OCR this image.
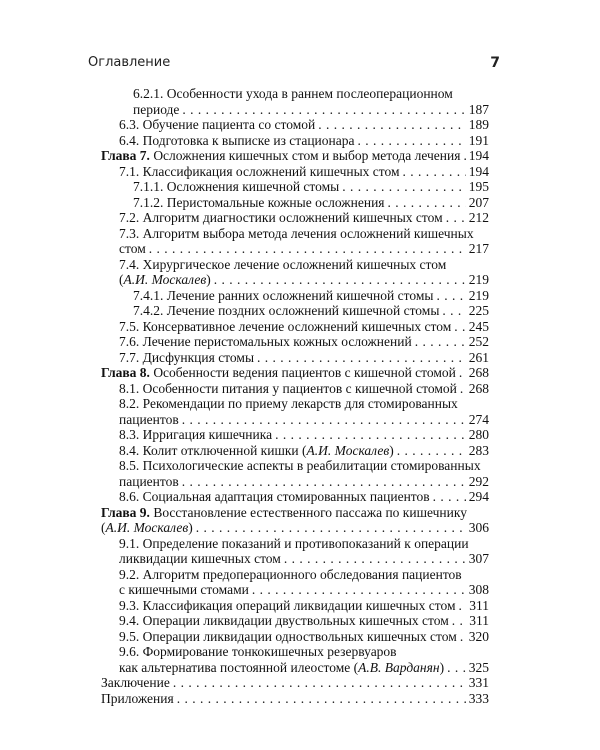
Оглавление	7
6.2.1. Особенности ухода в раннем послеоперационном
периоде . . .	187
6.3. Обучение пациента со стомой . . .	189
6.4. Подготовка к выписке из стационара . . .	191
Глава 7. Осложнения кишечных стом и выбор метода лечения . . . 194
7.1. Классификация осложнений кишечных стом . . .	194
7.1.1. Осложнения кишечной стомы . . .	195
7.1.2. Перистомальные кожные осложнения . . .	207
7.2. Алгоритм диагностики осложнений кишечных стом . . . 212
7.3. Алгоритм выбора метода лечения осложнений кишечных
стом . . .	217
7.4. Хирургическое лечение осложнений кишечных стом
(А.И. Москалев) . . .	219
7.4.1. Лечение ранних осложнений кишечной стомы . . .	219
7.4.2. Лечение поздних осложнений кишечной стомы . . . 225
7.5. Консервативное лечение осложнений кишечных стом . . . 245
7.6. Лечение перистомальных кожных осложнений . . .	252
7.7. Дисфункция стомы . . .	261
Глава 8. Особенности ведения пациентов с кишечной стомой . . . 268
8.1. Особенности питания у пациентов с кишечной стомой . . . 268
8.2. Рекомендации по приему лекарств для стомированных
пациентов . . .	274
8.3. Ирригация кишечника . . .	280
8.4. Колит отключенной кишки (А.И. Москалев) . . .	283
8.5. Психологические аспекты в реабилитации стомированных
пациентов . . .	292
8.6. Социальная адаптация стомированных пациентов . . .	294
Глава 9. Восстановление естественного пассажа по кишечнику
(А.И. Москалев) . . .	306
9.1. Определение показаний и противопоказаний к операции
ликвидации кишечных стом . . .	307
9.2. Алгоритм предоперационного обследования пациентов
с кишечными стомами . . .	308
9.3. Классификация операций ликвидации кишечных стом . . . 311
9.4. Операции ликвидации двуствольных кишечных стом . . . 311
9.5. Операции ликвидации одноствольных кишечных стом . . . 320
9.6. Формирование тонкокишечных резервуаров
как альтернатива постоянной илеостоме (А.В. Варданян) . . . 325
Заключение . . .	331
Приложения . . .	333
